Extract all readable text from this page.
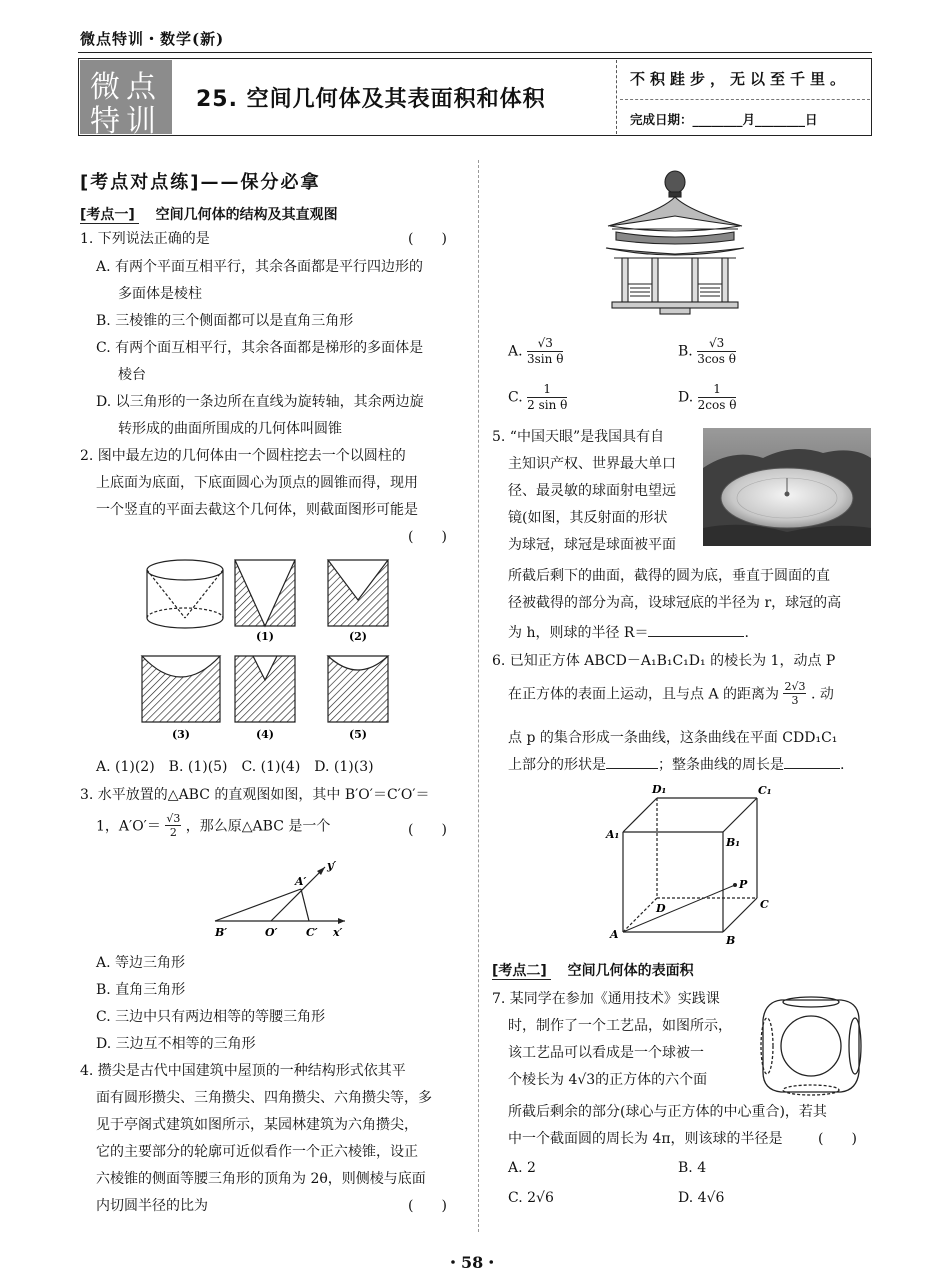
微点特训・数学(新)
微点
特训
25. 空间几何体及其表面积和体积
不积跬步，无以至千里。
完成日期：________月________日
[考点对点练]——保分必拿
[考点一] 空间几何体的结构及其直观图
1. 下列说法正确的是	(　　)
A. 有两个平面互相平行，其余各面都是平行四边形的
多面体是棱柱
B. 三棱锥的三个侧面都可以是直角三角形
C. 有两个面互相平行，其余各面都是梯形的多面体是
棱台
D. 以三角形的一条边所在直线为旋转轴，其余两边旋
转形成的曲面所围成的几何体叫圆锥
2. 图中最左边的几何体由一个圆柱挖去一个以圆柱的
上底面为底面，下底面圆心为顶点的圆锥而得，现用
一个竖直的平面去截这个几何体，则截面图形可能是
(　　)
(1)	(2)
(3)	(4)	(5)
A. (1)(2)　B. (1)(5)　C. (1)(4)　D. (1)(3)
3. 水平放置的△ABC 的直观图如图，其中 B′O′＝C′O′＝
1，$A'O'= \frac{√3}{2}$ ，那么原△ABC 是一个	(　　)
A′
B′	O′	C′ x′
y′
A. 等边三角形
B. 直角三角形
C. 三边中只有两边相等的等腰三角形
D. 三边互不相等的三角形
4. 攒尖是古代中国建筑中屋顶的一种结构形式依其平
面有圆形攒尖、三角攒尖、四角攒尖、六角攒尖等，多
见于亭阁式建筑如图所示，某园林建筑为六角攒尖，
它的主要部分的轮廓可近似看作一个正六棱锥，设正
六棱锥的侧面等腰三角形的顶角为 2θ，则侧棱与底面
内切圆半径的比为	(　　)
A. $\frac{√3}{\text{3sin θ}}$	B. $\frac{√3}{\text{3cos θ}}$
C. $\frac{1}{\text{2 sin θ}}$	D. $\frac{1}{\text{2cos θ}}$
5. “中国天眼”是我国具有自
主知识产权、世界最大单口
径、最灵敏的球面射电望远
镜(如图，其反射面的形状
为球冠，球冠是球面被平面
所截后剩下的曲面，截得的圆为底，垂直于圆面的直
径被截得的部分为高，设球冠底的半径为 r，球冠的高
为 h，则球的半径 R＝	.
6. 已知正方体 ABCD－A₁B₁C₁D₁ 的棱长为 1，动点 P
在正方体的表面上运动，且与点 A 的距离为 $\frac{2√3}{3}$ . 动
点 p 的集合形成一条曲线，这条曲线在平面 CDD₁C₁
上部分的形状是	；整条曲线的周长是	.
D₁	C₁
A₁
B₁
P
D	C
A	B
[考点二] 空间几何体的表面积
7. 某同学在参加《通用技术》实践课
时，制作了一个工艺品，如图所示，
该工艺品可以看成是一个球被一
个棱长为 4√3的正方体的六个面
所截后剩余的部分(球心与正方体的中心重合)，若其
中一个截面圆的周长为 4π，则该球的半径是	(　　)
A. 2	B. 4
C. 2√6	D. 4√6
・58・
